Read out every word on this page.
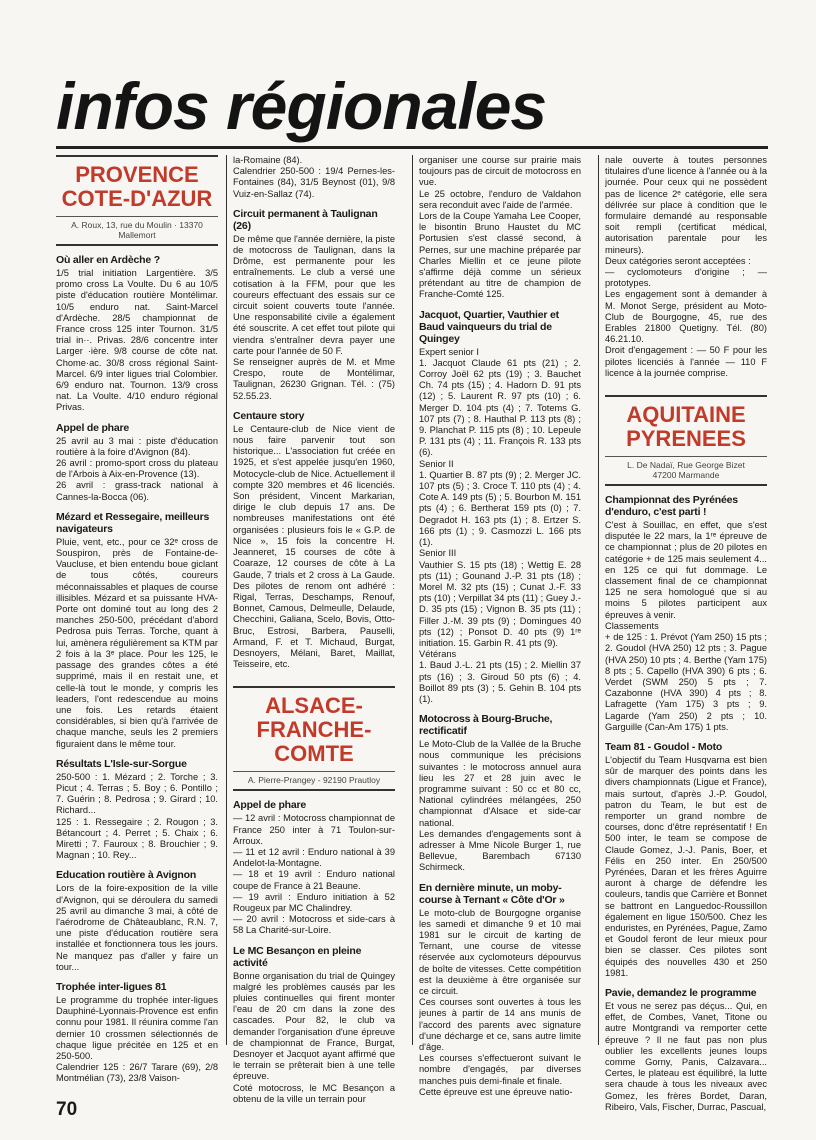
infos régionales
PROVENCE
COTE-D'AZUR
A. Roux, 13, rue du Moulin · 13370 Mallemort
Où aller en Ardèche ?

1/5 trial initiation Largentière. 3/5 promo cross La Voulte. Du 6 au 10/5 piste d'éducation routière Montélimar. 10/5 enduro nat. Saint-Marcel d'Ardèche. 28/5 championnat de France cross 125 inter Tournon. 31/5 trial in··. Privas. 28/6 concentre inter Larger ·ière. 9/8 course de côte nat. Chome·ac. 30/8 cross régional Saint-Marcel. 6/9 inter ligues trial Colombier. 6/9 enduro nat. Tournon. 13/9 cross nat. La Voulte. 4/10 enduro régional Privas.

Appel de phare

25 avril au 3 mai : piste d'éducation routière à la foire d'Avignon (84).
26 avril : promo-sport cross du plateau de l'Arbois à Aix-en-Provence (13).
26 avril : grass-track national à Cannes-la-Bocca (06).

Mézard et Ressegaire, meilleurs navigateurs

Pluie, vent, etc., pour ce 32ᵉ cross de Souspiron, près de Fontaine-de-Vaucluse, et bien entendu boue giclant de tous côtés, coureurs méconnaissables et plaques de course illisibles. Mézard et sa puissante HVA-Porte ont dominé tout au long des 2 manches 250-500, précédant d'abord Pedrosa puis Terras. Torche, quant à lui, amènera régulièrement sa KTM par 2 fois à la 3ᵉ place. Pour les 125, le passage des grandes côtes a été supprimé, mais il en restait une, et celle-là tout le monde, y compris les leaders, l'ont redescendue au moins une fois. Les retards étaient considérables, si bien qu'à l'arrivée de chaque manche, seuls les 2 premiers figuraient dans le même tour.

Résultats L'Isle-sur-Sorgue

250-500 : 1. Mézard ; 2. Torche ; 3. Picut ; 4. Terras ; 5. Boy ; 6. Pontillo ; 7. Guérin ; 8. Pedrosa ; 9. Girard ; 10. Richard...
125 : 1. Ressegaire ; 2. Rougon ; 3. Bétancourt ; 4. Perret ; 5. Chaix ; 6. Miretti ; 7. Fauroux ; 8. Brouchier ; 9. Magnan ; 10. Rey...

Education routière à Avignon

Lors de la foire-exposition de la ville d'Avignon, qui se déroulera du samedi 25 avril au dimanche 3 mai, à côté de l'aérodrome de Châteaublanc, R.N. 7, une piste d'éducation routière sera installée et fonctionnera tous les jours. Ne manquez pas d'aller y faire un tour...

Trophée inter-ligues 81

Le programme du trophée inter-ligues Dauphiné-Lyonnais-Provence est enfin connu pour 1981. Il réunira comme l'an dernier 10 crossmen sélectionnés de chaque ligue précitée en 125 et en 250-500.
Calendrier 125 : 26/7 Tarare (69), 2/8 Montmélian (73), 23/8 Vaison-

la-Romaine (84).
Calendrier 250-500 : 19/4 Pernes-les-Fontaines (84), 31/5 Beynost (01), 9/8 Vuiz-en-Sallaz (74).

Circuit permanent à Taulignan (26)

De même que l'année dernière, la piste de motocross de Taulignan, dans la Drôme, est permanente pour les entraînements. Le club a versé une cotisation à la FFM, pour que les coureurs effectuant des essais sur ce circuit soient couverts toute l'année. Une responsabilité civile a également été souscrite. A cet effet tout pilote qui viendra s'entraîner devra payer une carte pour l'année de 50 F.
Se renseigner auprès de M. et Mme Crespo, route de Montélimar, Taulignan, 26230 Grignan. Tél. : (75) 52.55.23.

Centaure story

Le Centaure-club de Nice vient de nous faire parvenir tout son historique... L'association fut créée en 1925, et s'est appelée jusqu'en 1960, Motocycle-club de Nice. Actuellement il compte 320 membres et 46 licenciés. Son président, Vincent Markarian, dirige le club depuis 17 ans. De nombreuses manifestations ont été organisées : plusieurs fois le « G.P. de Nice », 15 fois la concentre H. Jeanneret, 15 courses de côte à Coaraze, 12 courses de côte à La Gaude, 7 trials et 2 cross à La Gaude. Des pilotes de renom ont adhéré : Rigal, Terras, Deschamps, Renouf, Bonnet, Camous, Delmeulle, Delaude, Checchini, Galiana, Scelo, Bovis, Otto-Bruc, Estrosi, Barbera, Pauselli, Armand, F. et T. Michaud, Burgat, Desnoyers, Mélani, Baret, Maillat, Teisseire, etc.

ALSACE-
FRANCHE-
COMTE
A. Pierre-Prangey - 92190 Prautloy
Appel de phare

— 12 avril : Motocross championnat de France 250 inter à 71 Toulon-sur-Arroux.
— 11 et 12 avril : Enduro national à 39 Andelot-la-Montagne.
— 18 et 19 avril : Enduro national coupe de France à 21 Beaune.
— 19 avril : Enduro initiation à 52 Rougeux par MC Chalindrey.
— 20 avril : Motocross et side-cars à 58 La Charité-sur-Loire.

Le MC Besançon en pleine activité

Bonne organisation du trial de Quingey malgré les problèmes causés par les pluies continuelles qui firent monter l'eau de 20 cm dans la zone des cascades. Pour 82, le club va demander l'organisation d'une épreuve de championnat de France, Burgat, Desnoyer et Jacquot ayant affirmé que le terrain se prêterait bien à une telle épreuve.
Coté motocross, le MC Besançon a obtenu de la ville un terrain pour

organiser une course sur prairie mais toujours pas de circuit de motocross en vue.
Le 25 octobre, l'enduro de Valdahon sera reconduit avec l'aide de l'armée.
Lors de la Coupe Yamaha Lee Cooper, le bisontin Bruno Haustet du MC Portusien s'est classé second, à Pernes, sur une machine préparée par Charles Miellin et ce jeune pilote s'affirme déjà comme un sérieux prétendant au titre de champion de Franche-Comté 125.

Jacquot, Quartier, Vauthier et Baud vainqueurs du trial de Quingey

Expert senior I
1. Jacquot Claude 61 pts (21) ; 2. Corroy Joël 62 pts (19) ; 3. Bauchet Ch. 74 pts (15) ; 4. Hadorn D. 91 pts (12) ; 5. Laurent R. 97 pts (10) ; 6. Merger D. 104 pts (4) ; 7. Totems G. 107 pts (7) ; 8. Hauthal P. 113 pts (8) ; 9. Planchat P. 115 pts (8) ; 10. Lepeule P. 131 pts (4) ; 11. François R. 133 pts (6).
Senior II
1. Quartier B. 87 pts (9) ; 2. Merger JC. 107 pts (5) ; 3. Croce T. 110 pts (4) ; 4. Cote A. 149 pts (5) ; 5. Bourbon M. 151 pts (4) ; 6. Bertherat 159 pts (0) ; 7. Degradot H. 163 pts (1) ; 8. Ertzer S. 166 pts (1) ; 9. Casmozzi L. 166 pts (1).
Senior III
Vauthier S. 15 pts (18) ; Wettig E. 28 pts (11) ; Gounand J.-P. 31 pts (18) ; Morel M. 32 pts (15) ; Cunat J.-F. 33 pts (10) ; Verpillat 34 pts (11) ; Guey J.-D. 35 pts (15) ; Vignon B. 35 pts (11) ; Filler J.-M. 39 pts (9) ; Domingues 40 pts (12) ; Ponsot D. 40 pts (9) 1ʳᵉ initiation. 15. Garbin R. 41 pts (9).
Vétérans
1. Baud J.-L. 21 pts (15) ; 2. Miellin 37 pts (16) ; 3. Giroud 50 pts (6) ; 4. Boillot 89 pts (3) ; 5. Gehin B. 104 pts (1).

Motocross à Bourg-Bruche, rectificatif

Le Moto-Club de la Vallée de la Bruche nous communique les précisions suivantes : le motocross annuel aura lieu les 27 et 28 juin avec le programme suivant : 50 cc et 80 cc, National cylindrées mélangées, 250 championnat d'Alsace et side-car national.
Les demandes d'engagements sont à adresser à Mme Nicole Burger 1, rue Bellevue, Barembach 67130 Schirmeck.

En dernière minute, un moby-course à Ternant « Côte d'Or »

Le moto-club de Bourgogne organise les samedi et dimanche 9 et 10 mai 1981 sur le circuit de karting de Ternant, une course de vitesse réservée aux cyclomoteurs dépourvus de boîte de vitesses. Cette compétition est la deuxième à être organisée sur ce circuit.
Ces courses sont ouvertes à tous les jeunes à partir de 14 ans munis de l'accord des parents avec signature d'une décharge et ce, sans autre limite d'âge.
Les courses s'effectueront suivant le nombre d'engagés, par diverses manches puis demi-finale et finale.
Cette épreuve est une épreuve natio-

nale ouverte à toutes personnes titulaires d'une licence à l'année ou à la journée. Pour ceux qui ne possèdent pas de licence 2ᵉ catégorie, elle sera délivrée sur place à condition que le formulaire demandé au responsable soit rempli (certificat médical, autorisation parentale pour les mineurs).
Deux catégories seront acceptées :
— cyclomoteurs d'origine ; — prototypes.
Les engagement sont à demander à M. Monot Serge, président au Moto-Club de Bourgogne, 45, rue des Erables 21800 Quetigny. Tél. (80) 46.21.10.
Droit d'engagement : — 50 F pour les pilotes licenciés à l'année — 110 F licence à la journée comprise.

AQUITAINE
PYRENEES
L. De Nadaï, Rue George Bizet
47200 Marmande
Championnat des Pyrénées d'enduro, c'est parti !

C'est à Souillac, en effet, que s'est disputée le 22 mars, la 1ʳᵉ épreuve de ce championnat ; plus de 20 pilotes en catégorie + de 125 mais seulement 4... en 125 ce qui fut dommage. Le classement final de ce championnat 125 ne sera homologué que si au moins 5 pilotes participent aux épreuves à venir.
Classements
+ de 125 : 1. Prévot (Yam 250) 15 pts ; 2. Goudol (HVA 250) 12 pts ; 3. Pague (HVA 250) 10 pts ; 4. Berthe (Yam 175) 8 pts ; 5. Capello (HVA 390) 6 pts ; 6. Verdet (SWM 250) 5 pts ; 7. Cazabonne (HVA 390) 4 pts ; 8. Lafragette (Yam 175) 3 pts ; 9. Lagarde (Yam 250) 2 pts ; 10. Garguille (Can-Am 175) 1 pts.

Team 81 - Goudol - Moto

L'objectif du Team Husqvarna est bien sûr de marquer des points dans les divers championnats (Ligue et France), mais surtout, d'après J.-P. Goudol, patron du Team, le but est de remporter un grand nombre de courses, donc d'être représentatif ! En 500 inter, le team se compose de Claude Gomez, J.-J. Panis, Boer, et Félis en 250 inter. En 250/500 Pyrénées, Daran et les frères Aguirre auront à charge de défendre les couleurs, tandis que Carrière et Bonnet se battront en Languedoc-Roussillon également en ligue 150/500. Chez les enduristes, en Pyrénées, Pague, Zamo et Goudol feront de leur mieux pour bien se classer. Ces pilotes sont équipés des nouvelles 430 et 250 1981.

Pavie, demandez le programme

Et vous ne serez pas déçus... Qui, en effet, de Combes, Vanet, Titone ou autre Montgrandi va remporter cette épreuve ? Il ne faut pas non plus oublier les excellents jeunes loups comme Gorny, Panis, Calzavara... Certes, le plateau est équilibré, la lutte sera chaude à tous les niveaux avec Gomez, les frères Bordet, Daran, Ribeiro, Vals, Fischer, Durrac, Pascual,

70
